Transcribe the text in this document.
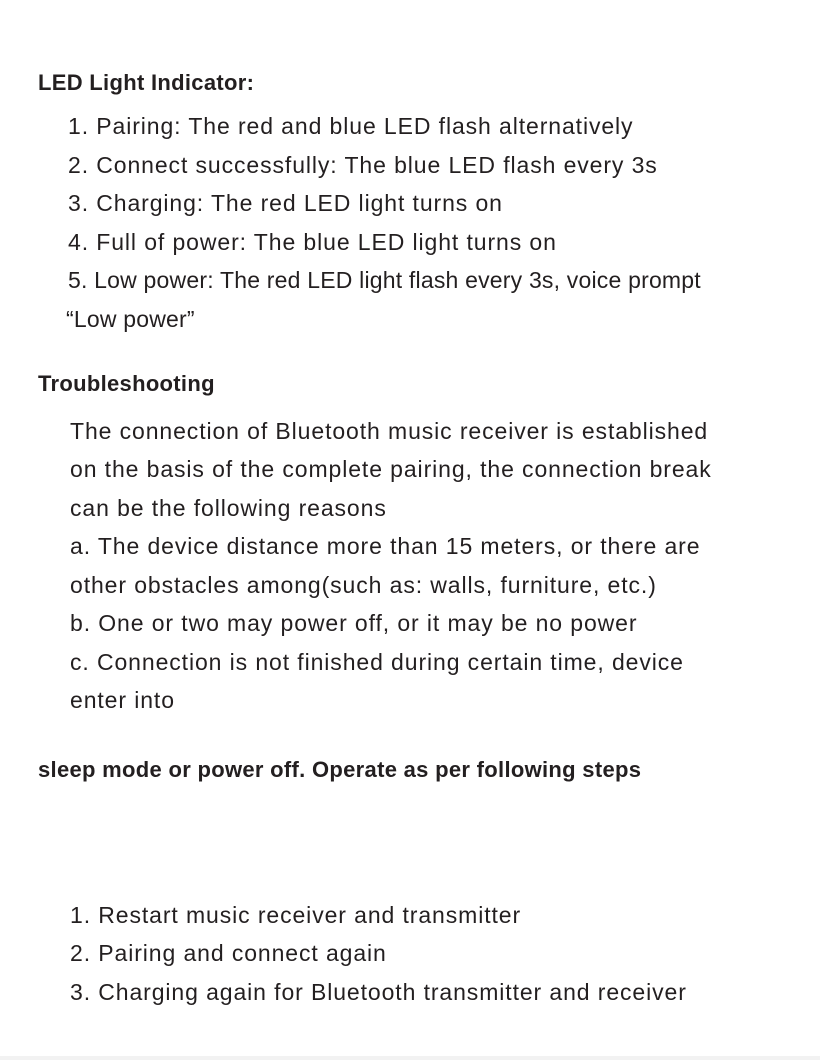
LED Light Indicator:
1. Pairing: The red and blue LED flash alternatively
2. Connect successfully: The blue LED flash every 3s
3. Charging: The red LED light turns on
4. Full of power: The blue LED light turns on
5. Low power: The red LED light flash every 3s, voice prompt
“Low power”
Troubleshooting
The connection of Bluetooth music receiver is established
on the basis of the complete pairing, the connection break
can be the following reasons
a. The device distance more than 15 meters, or there are
other obstacles among(such as: walls, furniture, etc.)
b. One or two may power off, or it may be no power
c. Connection is not finished during certain time, device
enter into
sleep mode or power off. Operate as per following steps
1. Restart music receiver and transmitter
2. Pairing and connect again
3. Charging again for Bluetooth transmitter and receiver
